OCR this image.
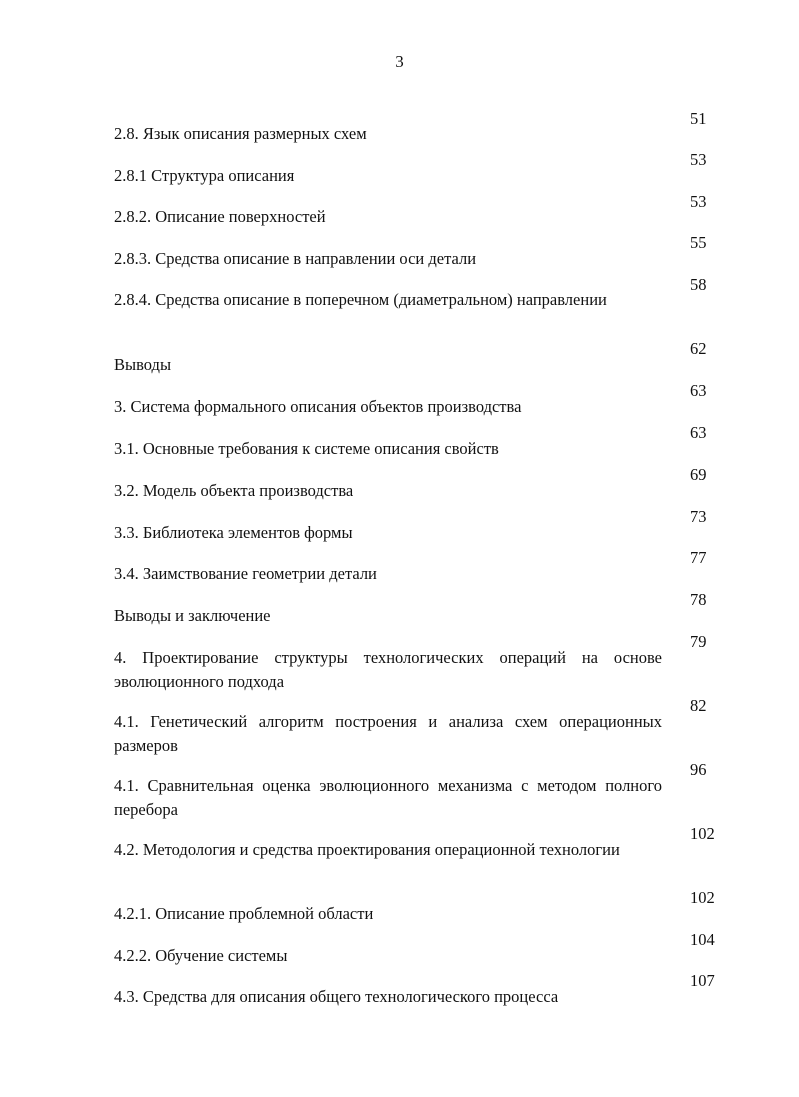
3
51
2.8. Язык описания размерных схем
53
2.8.1 Структура описания
53
2.8.2. Описание поверхностей
55
2.8.3. Средства описание в направлении оси детали
58
2.8.4. Средства описание в поперечном (диаметральном) направлении
62
Выводы
63
3. Система формального описания объектов производства
63
3.1. Основные требования к системе описания свойств
69
3.2. Модель объекта производства
73
3.3. Библиотека элементов формы
77
3.4. Заимствование геометрии детали
78
Выводы и заключение
79
4. Проектирование структуры технологических операций на основе эволюционного подхода
82
4.1. Генетический алгоритм построения и анализа схем операционных размеров
96
4.1. Сравнительная оценка эволюционного механизма с методом полного перебора
102
4.2. Методология и средства проектирования операционной технологии
102
4.2.1. Описание проблемной области
104
4.2.2. Обучение системы
107
4.3. Средства для описания общего технологического процесса
